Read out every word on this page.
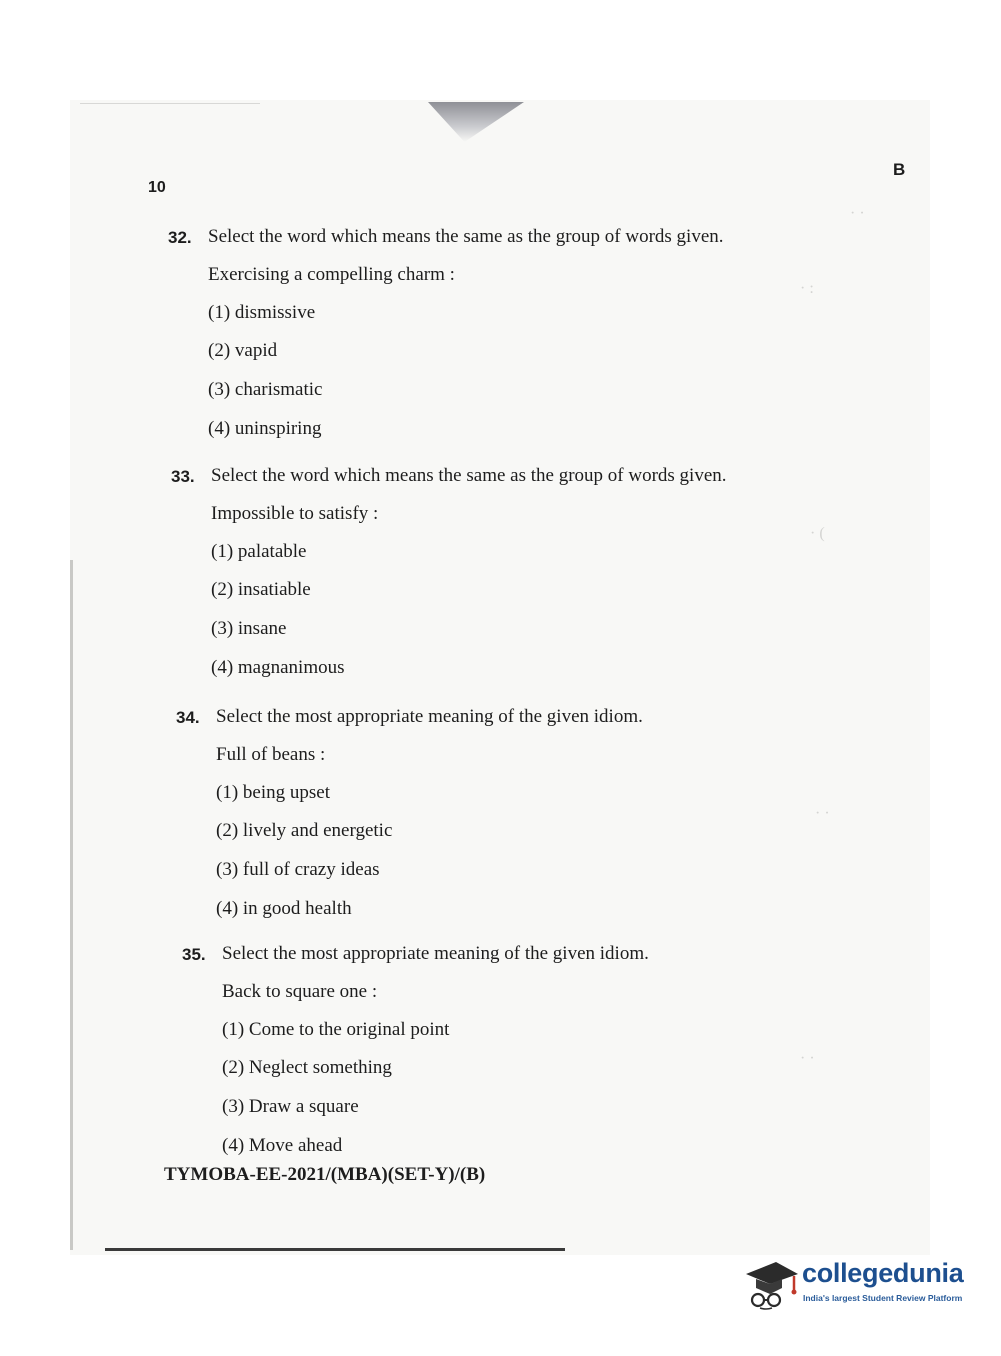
· ·
· :
· (
· ·
· ·
10
B
32. Select the word which means the same as the group of words given.
Exercising a compelling charm :
(1) dismissive
(2) vapid
(3) charismatic
(4) uninspiring
33. Select the word which means the same as the group of words given.
Impossible to satisfy :
(1) palatable
(2) insatiable
(3) insane
(4) magnanimous
34. Select the most appropriate meaning of the given idiom.
Full of beans :
(1) being upset
(2) lively and energetic
(3) full of crazy ideas
(4) in good health
35. Select the most appropriate meaning of the given idiom.
Back to square one :
(1) Come to the original point
(2) Neglect something
(3) Draw a square
(4) Move ahead
TYMOBA-EE-2021/(MBA)(SET-Y)/(B)
collegedunia
India's largest Student Review Platform
